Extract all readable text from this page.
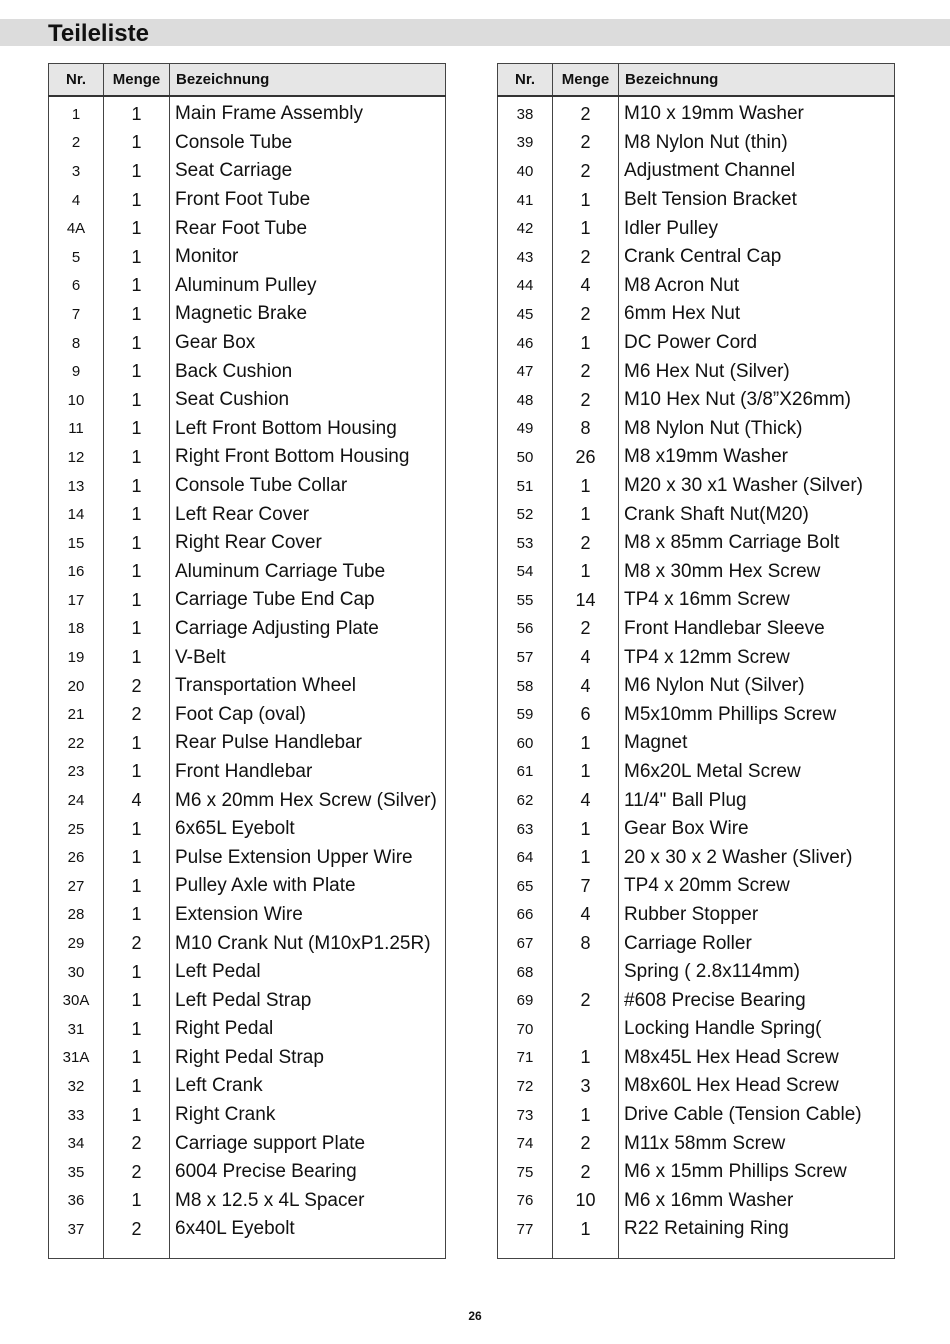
Teileliste
Nr.	Menge	Bezeichnung

1	1	Main Frame Assembly
2	1	Console Tube
3	1	Seat Carriage
4	1	Front Foot Tube
4A	1	Rear Foot Tube
5	1	Monitor
6	1	Aluminum Pulley
7	1	Magnetic Brake
8	1	Gear Box
9	1	Back Cushion
10	1	Seat Cushion
11	1	Left Front Bottom Housing
12	1	Right Front Bottom Housing
13	1	Console Tube Collar
14	1	Left Rear Cover
15	1	Right Rear Cover
16	1	Aluminum Carriage Tube
17	1	Carriage Tube End Cap
18	1	Carriage Adjusting Plate
19	1	V-Belt
20	2	Transportation Wheel
21	2	Foot Cap (oval)
22	1	Rear Pulse Handlebar
23	1	Front Handlebar
24	4	M6 x 20mm Hex Screw (Silver)
25	1	6x65L Eyebolt
26	1	Pulse Extension Upper Wire
27	1	Pulley Axle with Plate
28	1	Extension Wire
29	2	M10 Crank Nut (M10xP1.25R)
30	1	Left Pedal
30A	1	Left Pedal Strap
31	1	Right Pedal
31A	1	Right Pedal Strap
32	1	Left Crank
33	1	Right Crank
34	2	Carriage support Plate
35	2	6004 Precise Bearing
36	1	M8 x 12.5 x 4L Spacer
37	2	6x40L Eyebolt

Nr.	Menge	Bezeichnung

38	2	M10 x 19mm Washer
39	2	M8 Nylon Nut (thin)
40	2	Adjustment Channel
41	1	Belt Tension Bracket
42	1	Idler Pulley
43	2	Crank Central Cap
44	4	M8 Acron Nut
45	2	6mm Hex Nut
46	1	DC Power Cord
47	2	M6 Hex Nut (Silver)
48	2	M10 Hex Nut (3/8”X26mm)
49	8	M8 Nylon Nut (Thick)
50	26	M8 x19mm Washer
51	1	M20 x 30 x1 Washer (Silver)
52	1	Crank Shaft Nut(M20)
53	2	M8 x 85mm Carriage Bolt
54	1	M8 x 30mm Hex Screw
55	14	TP4 x 16mm Screw
56	2	Front Handlebar Sleeve
57	4	TP4 x 12mm Screw
58	4	M6 Nylon Nut (Silver)
59	6	M5x10mm Phillips Screw
60	1	Magnet
61	1	M6x20L Metal Screw
62	4	11/4" Ball Plug
63	1	Gear Box Wire
64	1	20 x 30 x 2 Washer (Sliver)
65	7	TP4 x 20mm Screw
66	4	Rubber Stopper
67	8	Carriage Roller
68		Spring ( 2.8x114mm)
69	2	#608 Precise Bearing
70		Locking Handle Spring(
71	1	M8x45L Hex Head Screw
72	3	M8x60L Hex Head Screw
73	1	Drive Cable (Tension Cable)
74	2	M11x 58mm Screw
75	2	M6 x 15mm Phillips Screw
76	10	M6 x 16mm Washer
77	1	R22 Retaining Ring

26
